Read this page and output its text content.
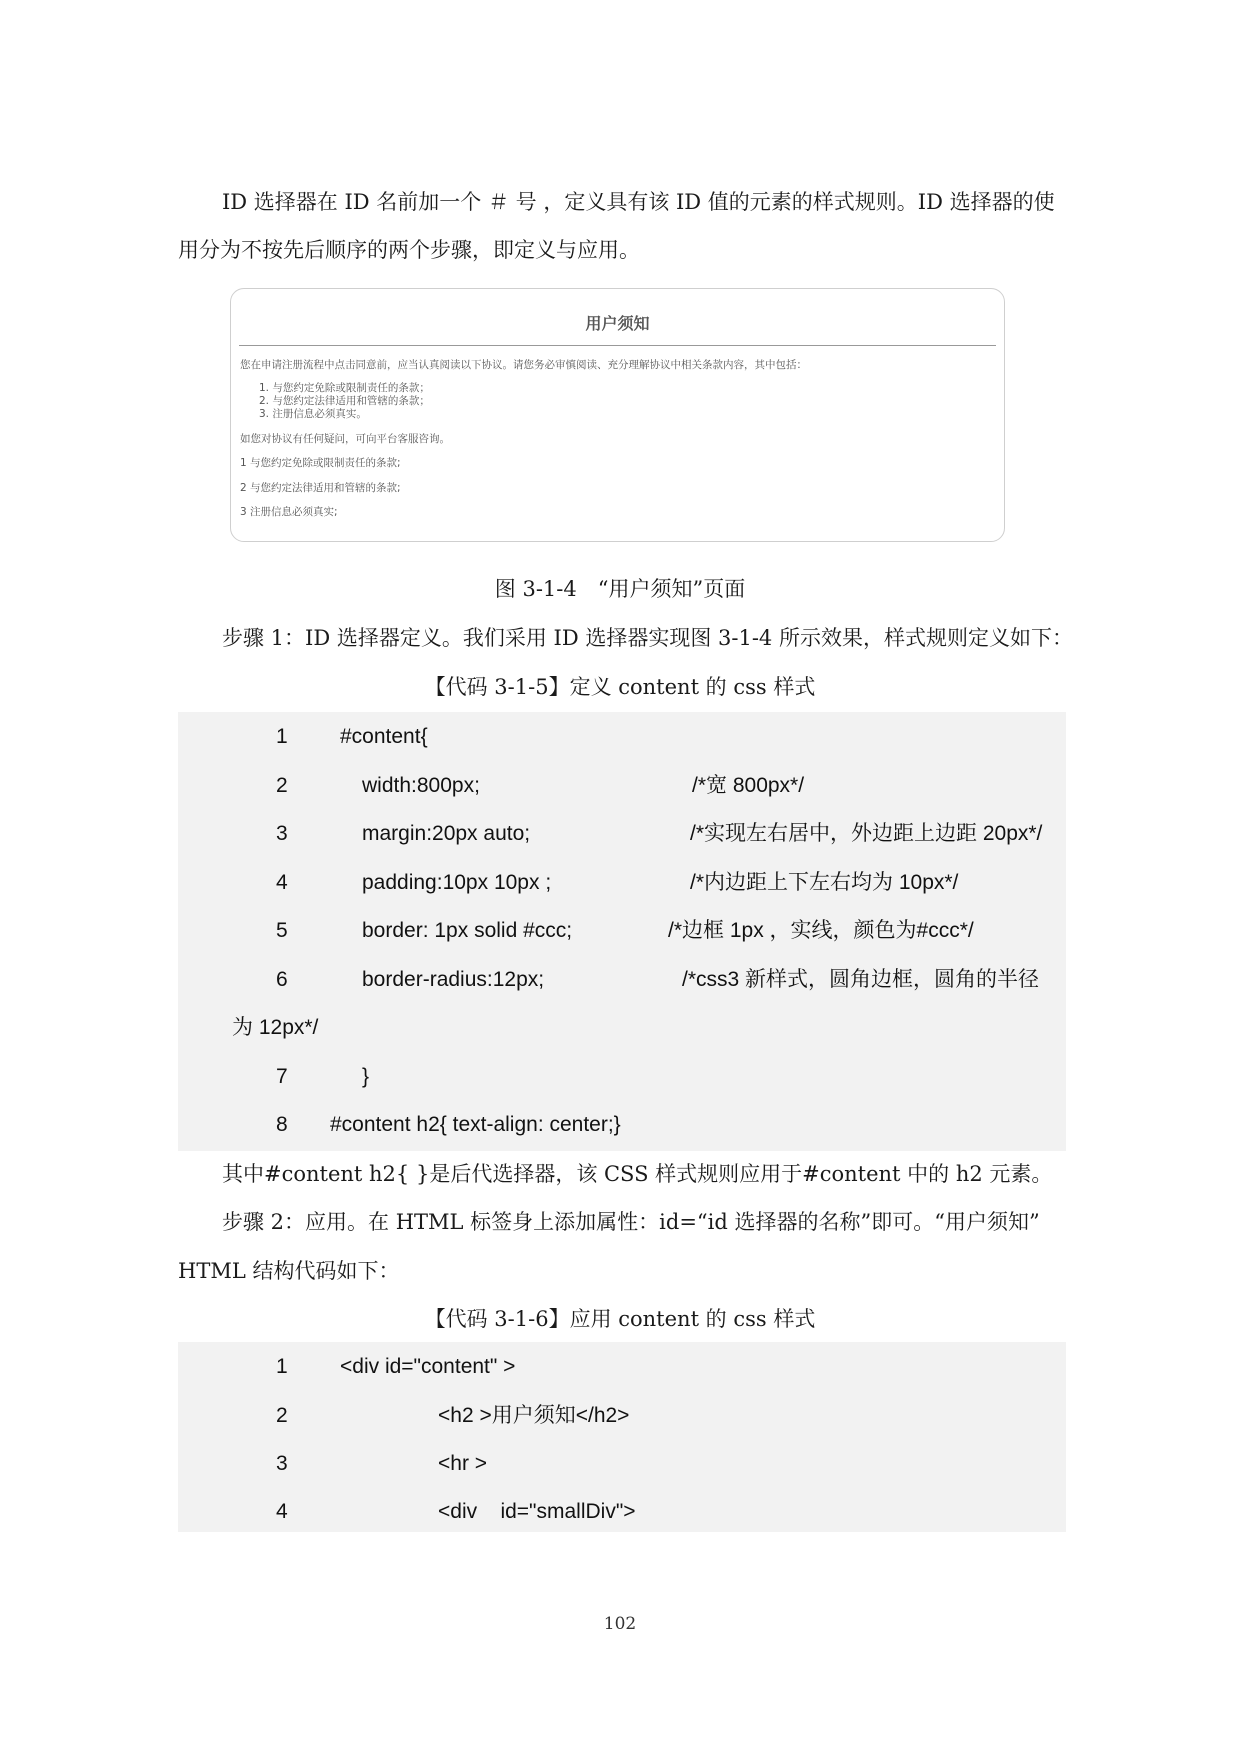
ID 选择器在 ID 名前加一个 ＃ 号 ，定义具有该 ID 值的元素的样式规则。ID 选择器的使
用分为不按先后顺序的两个步骤，即定义与应用。
用户须知
您在申请注册流程中点击同意前，应当认真阅读以下协议。请您务必审慎阅读、充分理解协议中相关条款内容，其中包括：
1. 与您约定免除或限制责任的条款；
2. 与您约定法律适用和管辖的条款；
3. 注册信息必须真实。
如您对协议有任何疑问，可向平台客服咨询。
1 与您约定免除或限制责任的条款;
2 与您约定法律适用和管辖的条款;
3 注册信息必须真实;
图 3-1-4　“用户须知”页面
步骤 1：ID 选择器定义。我们采用 ID 选择器实现图 3-1-4 所示效果，样式规则定义如下：
【代码 3-1-5】定义 content 的 css 样式
1 #content{
2	width:800px;	/*宽 800px*/
3	margin:20px auto;	/*实现左右居中，外边距上边距 20px*/
4	padding:10px 10px ;	/*内边距上下左右均为 10px*/
5	border: 1px solid #ccc;	/*边框 1px ，实线，颜色为#ccc*/
6	border-radius:12px;	/*css3 新样式，圆角边框，圆角的半径
为 12px*/
7	}
8 #content h2{ text-align: center;}
其中#content h2{ }是后代选择器，该 CSS 样式规则应用于#content 中的 h2 元素。
步骤 2：应用。在 HTML 标签身上添加属性：id=“id 选择器的名称”即可。“用户须知”
HTML 结构代码如下：
【代码 3-1-6】应用 content 的 css 样式
1 <div id="content" >
2	<h2 >用户须知</h2>
3	<hr >
4	<div    id="smallDiv">
102
